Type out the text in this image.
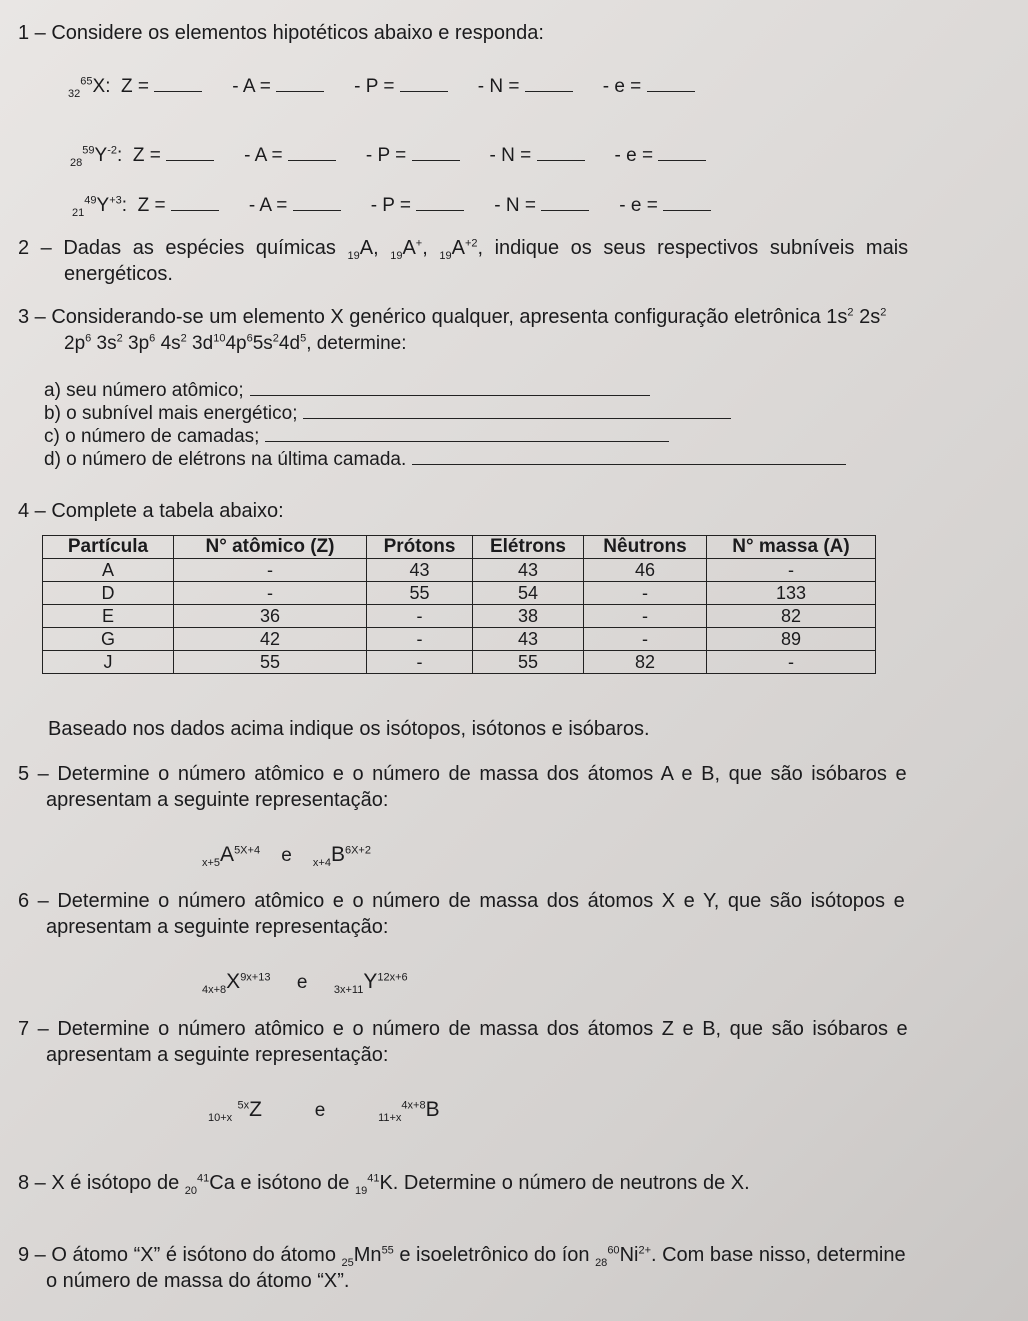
1 – Considere os elementos hipotéticos abaixo e responda:
$_{32}^{65}$X: Z =	- A =	- P =	- N =	- e =
$_{28}^{59}Y^{-2}$: Z =	- A =	- P =	- N =	- e =
$_{21}^{49}Y^{+3}$: Z =	- A =	- P =	- N =	- e =
2 – Dadas as espécies químicas $_{19}$A, $_{19}$A+, $_{19}A^{+2}$, indique os seus respectivos subníveis mais
energéticos.
3 – Considerando-se um elemento X genérico qualquer, apresenta configuração eletrônica $1s^2$ $2s^2$
$2p^6$ $3s^2$ $3p^6$ $4s^2$ $3d^{10}4p^65s^24d^5$, determine:
a) seu número atômico;
b) o subnível mais energético;
c) o número de camadas;
d) o número de elétrons na última camada.
4 – Complete a tabela abaixo:
Partícula	N° atômico (Z)	Prótons	Elétrons	Nêutrons	N° massa (A)
A	-	43	43	46	-
D	-	55	54	-	133
E	36	-	38	-	82
G	42	-	43	-	89
J	55	-	55	82	-
Baseado nos dados acima indique os isótopos, isótonos e isóbaros.
5 – Determine o número atômico e o número de massa dos átomos A e B, que são isóbaros e
apresentam a seguinte representação:
$_{x+5}A^{5X+4}$ e $_{x+4}B^{6X+2}$
6 – Determine o número atômico e o número de massa dos átomos X e Y, que são isótopos e
apresentam a seguinte representação:
$_{4x+8}X^{9x+13}$ e $_{3x+11}Y^{12x+6}$
7 – Determine o número atômico e o número de massa dos átomos Z e B, que são isóbaros e
apresentam a seguinte representação:
$_{10+x}$ $^{5x}$Z	e	$_{11+x}^{4x+8}$B
8 – X é isótopo de $_{20}^{41}$Ca e isótono de $_{19}^{41}$K. Determine o número de neutrons de X.
9 – O átomo “X” é isótono do átomo $_{25}Mn^{55}$ e isoeletrônico do íon $_{28}^{60}Ni^{2+}$. Com base nisso, determine
o número de massa do átomo “X”.
